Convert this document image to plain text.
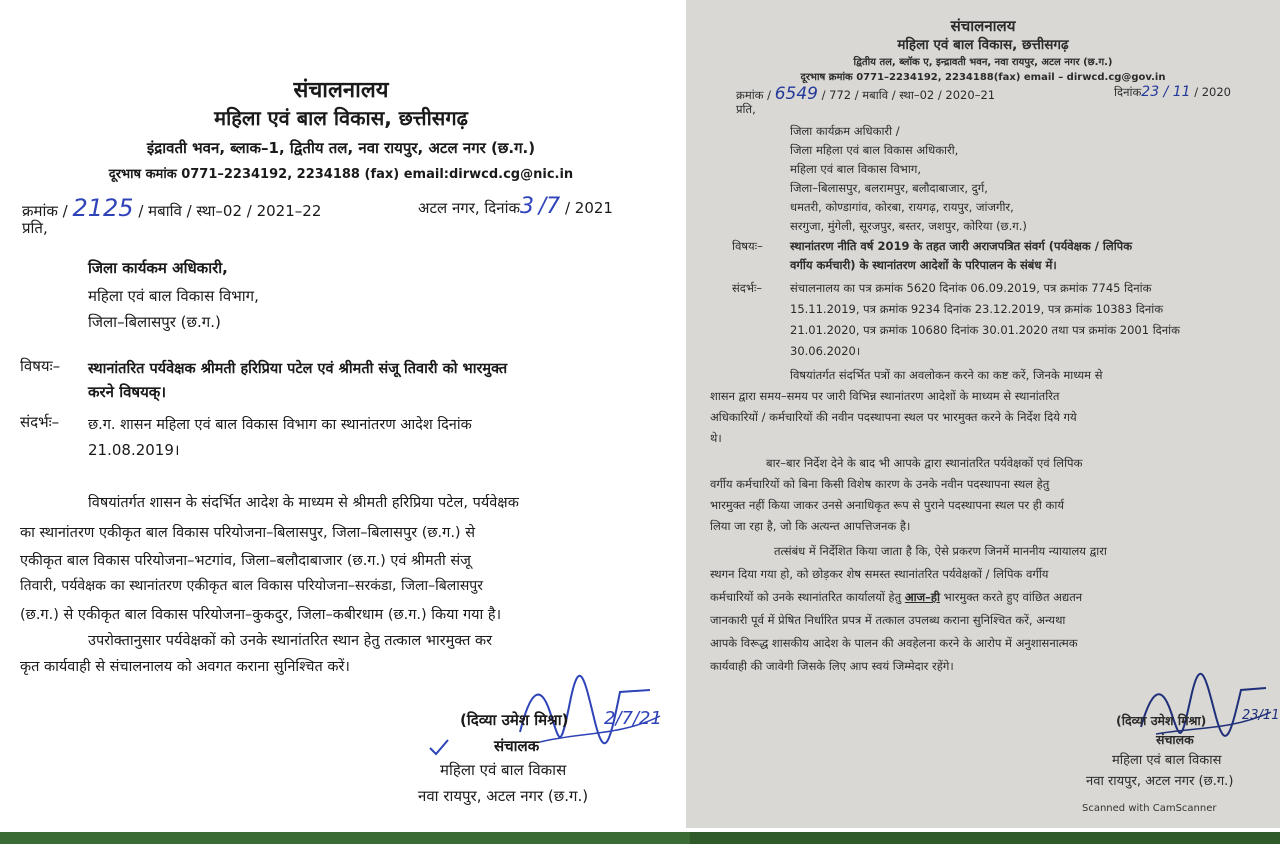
संचालनालय
महिला एवं बाल विकास, छत्तीसगढ़
इंद्रावती भवन, ब्लाक–1, द्वितीय तल, नवा रायपुर, अटल नगर (छ.ग.)
दूरभाष कमांक 0771–2234192, 2234188 (fax) email:dirwcd.cg@nic.in
क्रमांक / 2125 / मबावि / स्था–02 / 2021–22	अटल नगर, दिनांक3 /7 / 2021
प्रति,
जिला कार्यकम अधिकारी,
महिला एवं बाल विकास विभाग,
जिला–बिलासपुर (छ.ग.)
विषयः– स्थानांतरित पर्यवेक्षक श्रीमती हरिप्रिया पटेल एवं श्रीमती संजू तिवारी को भारमुक्त
करने विषयक्।
संदर्भः– छ.ग. शासन महिला एवं बाल विकास विभाग का स्थानांतरण आदेश दिनांक
21.08.2019।
विषयांतर्गत शासन के संदर्भित आदेश के माध्यम से श्रीमती हरिप्रिया पटेल, पर्यवेक्षक
का स्थानांतरण एकीकृत बाल विकास परियोजना–बिलासपुर, जिला–बिलासपुर (छ.ग.) से
एकीकृत बाल विकास परियोजना–भटगांव, जिला–बलौदाबाजार (छ.ग.) एवं श्रीमती संजू
तिवारी, पर्यवेक्षक का स्थानांतरण एकीकृत बाल विकास परियोजना–सरकंडा, जिला–बिलासपुर
(छ.ग.) से एकीकृत बाल विकास परियोजना–कुकदुर, जिला–कबीरधाम (छ.ग.) किया गया है।
उपरोक्तानुसार पर्यवेक्षकों को उनके स्थानांतरित स्थान हेतु तत्काल भारमुक्त कर
कृत कार्यवाही से संचालनालय को अवगत कराना सुनिश्चित करें।
(दिव्या उमेश मिश्रा) 2/7/21
संचालक
महिला एवं बाल विकास
नवा रायपुर, अटल नगर (छ.ग.)
संचालनालय
महिला एवं बाल विकास, छत्तीसगढ़
द्वितीय तल, ब्लॉक ए, इन्द्रावती भवन, नवा रायपुर, अटल नगर (छ.ग.)
दूरभाष क्रमांक 0771–2234192, 2234188(fax) email – dirwcd.cg@gov.in
क्रमांक / 6549 / 772 / मबावि / स्था–02 / 2020–21	दिनांक23 / 11 / 2020
प्रति,
जिला कार्यक्रम अधिकारी /
जिला महिला एवं बाल विकास अधिकारी,
महिला एवं बाल विकास विभाग,
जिला–बिलासपुर, बलरामपुर, बलौदाबाजार, दुर्ग,
धमतरी, कोण्डागांव, कोरबा, रायगढ़, रायपुर, जांजगीर,
सरगुजा, मुंगेली, सूरजपुर, बस्तर, जशपुर, कोरिया (छ.ग.)
विषयः– स्थानांतरण नीति वर्ष 2019 के तहत जारी अराजपत्रित संवर्ग (पर्यवेक्षक / लिपिक
वर्गीय कर्मचारी) के स्थानांतरण आदेशों के परिपालन के संबंध में।
संदर्भः– संचालनालय का पत्र क्रमांक 5620 दिनांक 06.09.2019, पत्र क्रमांक 7745 दिनांक
15.11.2019, पत्र क्रमांक 9234 दिनांक 23.12.2019, पत्र क्रमांक 10383 दिनांक
21.01.2020, पत्र क्रमांक 10680 दिनांक 30.01.2020 तथा पत्र क्रमांक 2001 दिनांक
30.06.2020।
विषयांतर्गत संदर्भित पत्रों का अवलोकन करने का कष्ट करें, जिनके माध्यम से
शासन द्वारा समय–समय पर जारी विभिन्न स्थानांतरण आदेशों के माध्यम से स्थानांतरित
अधिकारियों / कर्मचारियों की नवीन पदस्थापना स्थल पर भारमुक्त करने के निर्देश दिये गये
थे।
बार–बार निर्देश देने के बाद भी आपके द्वारा स्थानांतरित पर्यवेक्षकों एवं लिपिक
वर्गीय कर्मचारियों को बिना किसी विशेष कारण के उनके नवीन पदस्थापना स्थल हेतु
भारमुक्त नहीं किया जाकर उनसे अनाधिकृत रूप से पुराने पदस्थापना स्थल पर ही कार्य
लिया जा रहा है, जो कि अत्यन्त आपत्तिजनक है।
तत्संबंध में निर्देशित किया जाता है कि, ऐसे प्रकरण जिनमें माननीय न्यायालय द्वारा
स्थगन दिया गया हो, को छोड़कर शेष समस्त स्थानांतरित पर्यवेक्षकों / लिपिक वर्गीय
कर्मचारियों को उनके स्थानांतरित कार्यालयों हेतु आज–ही भारमुक्त करते हुए वांछित अद्यतन
जानकारी पूर्व में प्रेषित निर्धारित प्रपत्र में तत्काल उपलब्ध कराना सुनिश्चित करें, अन्यथा
आपके विरूद्ध शासकीय आदेश के पालन की अवहेलना करने के आरोप में अनुशासनात्मक
कार्यवाही की जावेगी जिसके लिए आप स्वयं जिम्मेदार रहेंगे।
(दिव्या उमेश मिश्रा)	23/11
संचालक
महिला एवं बाल विकास
नवा रायपुर, अटल नगर (छ.ग.)
Scanned with CamScanner
